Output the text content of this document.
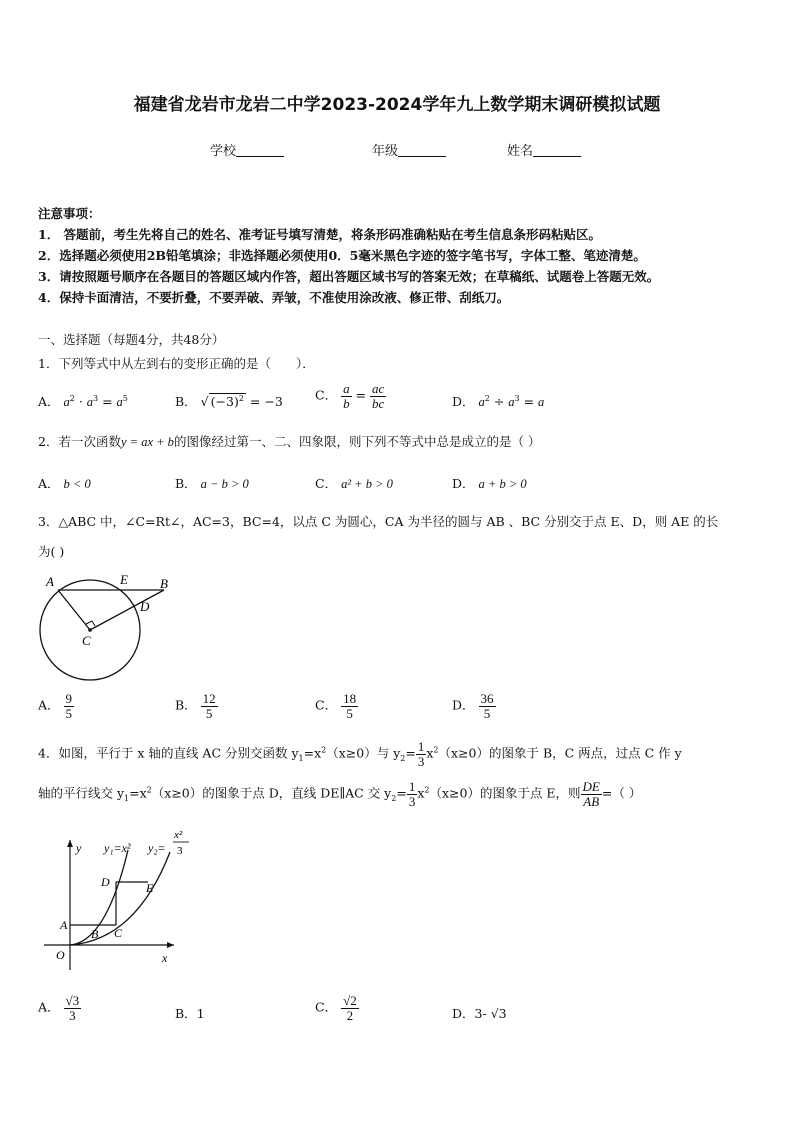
福建省龙岩市龙岩二中学2023-2024学年九上数学期末调研模拟试题
学校	年级	姓名
注意事项：
1． 答题前，考生先将自己的姓名、准考证号填写清楚，将条形码准确粘贴在考生信息条形码粘贴区。
2．选择题必须使用2B铅笔填涂；非选择题必须使用0．5毫米黑色字迹的签字笔书写，字体工整、笔迹清楚。
3．请按照题号顺序在各题目的答题区域内作答，超出答题区域书写的答案无效；在草稿纸、试题卷上答题无效。
4．保持卡面清洁，不要折叠，不要弄破、弄皱，不准使用涂改液、修正带、刮纸刀。
一、选择题（每题4分，共48分）
1．下列等式中从左到右的变形正确的是（　　）．
A． $a^2 \cdot a^3 = a^5$	B． √ $(-3)^2 = -3$	C． $\frac{a}{b} = \frac{ac}{bc}$	D． $a^2 \div a^3 = a$
2．若一次函数y = ax + b的图像经过第一、二、四象限，则下列不等式中总是成立的是（ ）
A． b < 0	B． a − b > 0	C． a² + b > 0	D． a + b > 0
3．△ABC 中，∠C=Rt∠，AC=3，BC=4，以点 C 为圆心，CA 为半径的圆与 AB 、BC 分别交于点 E、D，则 AE 的长
为( )
A	E B
D
C
A． $\frac{9}{5}$	B． $\frac{12}{5}$	C． $\frac{18}{5}$	D． $\frac{36}{5}$
4．如图，平行于 x 轴的直线 AC 分别交函数 $y_1=x^2(x\ge 0)$与 $y_2= \frac{1}{3} x^2(x\ge 0)$的图象于 B，C 两点，过点 C 作 y
轴的平行线交 $y_1=x^2(x\ge 0)$的图象于点 D，直线 DE∥AC 交 $y_2= \frac{1}{3} x^2(x\ge 0)$的图象于点 E，则 $\frac{DE}{AB}$ =（ ）
y y₁=x² y₂=
x²
3
D	E
A
B C
O	x
A． $\frac{√3}{3}$	B．1	C． $\frac{√2}{2}$	D．3- √3
